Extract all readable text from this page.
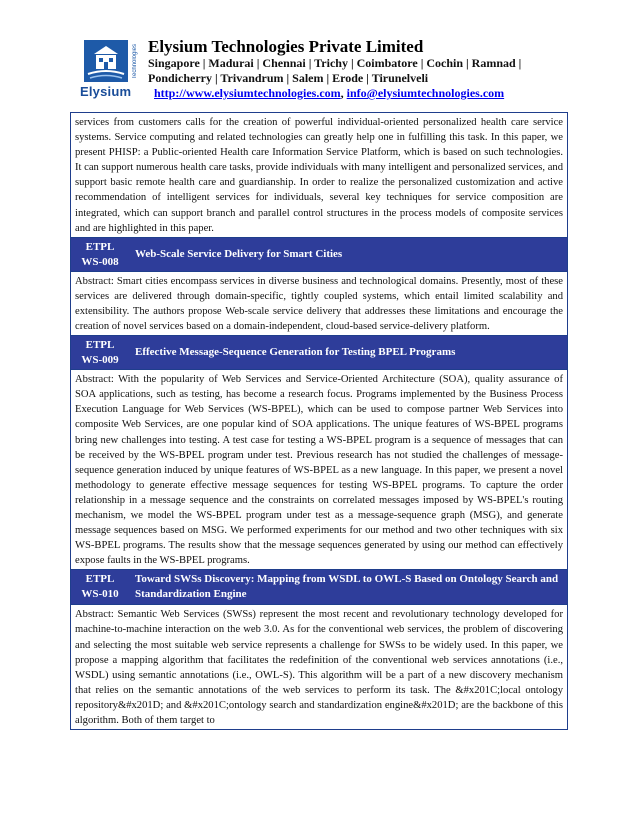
Technologies
Elysium
Elysium Technologies Private Limited
Singapore | Madurai | Chennai | Trichy | Coimbatore | Cochin | Ramnad |
Pondicherry | Trivandrum | Salem | Erode | Tirunelveli
http://www.elysiumtechnologies.com, info@elysiumtechnologies.com
services from customers calls for the creation of powerful individual-oriented personalized health care service systems. Service computing and related technologies can greatly help one in fulfilling this task. In this paper, we present PHISP: a Public-oriented Health care Information Service Platform, which is based on such technologies. It can support numerous health care tasks, provide individuals with many intelligent and personalized services, and support basic remote health care and guardianship. In order to realize the personalized customization and active recommendation of intelligent services for individuals, several key techniques for service composition are integrated, which can support branch and parallel control structures in the process models of composite services and are highlighted in this paper.
ETPL
WS-008
Web-Scale Service Delivery for Smart Cities
Abstract: Smart cities encompass services in diverse business and technological domains. Presently, most of these services are delivered through domain-specific, tightly coupled systems, which entail limited scalability and extensibility. The authors propose Web-scale service delivery that addresses these limitations and encourage the creation of novel services based on a domain-independent, cloud-based service-delivery platform.
ETPL
WS-009
Effective Message-Sequence Generation for Testing BPEL Programs
Abstract: With the popularity of Web Services and Service-Oriented Architecture (SOA), quality assurance of SOA applications, such as testing, has become a research focus. Programs implemented by the Business Process Execution Language for Web Services (WS-BPEL), which can be used to compose partner Web Services into composite Web Services, are one popular kind of SOA applications. The unique features of WS-BPEL programs bring new challenges into testing. A test case for testing a WS-BPEL program is a sequence of messages that can be received by the WS-BPEL program under test. Previous research has not studied the challenges of message-sequence generation induced by unique features of WS-BPEL as a new language. In this paper, we present a novel methodology to generate effective message sequences for testing WS-BPEL programs. To capture the order relationship in a message sequence and the constraints on correlated messages imposed by WS-BPEL's routing mechanism, we model the WS-BPEL program under test as a message-sequence graph (MSG), and generate message sequences based on MSG. We performed experiments for our method and two other techniques with six WS-BPEL programs. The results show that the message sequences generated by using our method can effectively expose faults in the WS-BPEL programs.
ETPL
WS-010
Toward SWSs Discovery: Mapping from WSDL to OWL-S Based on Ontology Search and Standardization Engine
Abstract: Semantic Web Services (SWSs) represent the most recent and revolutionary technology developed for machine-to-machine interaction on the web 3.0. As for the conventional web services, the problem of discovering and selecting the most suitable web service represents a challenge for SWSs to be widely used. In this paper, we propose a mapping algorithm that facilitates the redefinition of the conventional web services annotations (i.e., WSDL) using semantic annotations (i.e., OWL-S). This algorithm will be a part of a new discovery mechanism that relies on the semantic annotations of the web services to perform its task. The &#x201C;local ontology repository&#x201D; and &#x201C;ontology search and standardization engine&#x201D; are the backbone of this algorithm. Both of them target to
